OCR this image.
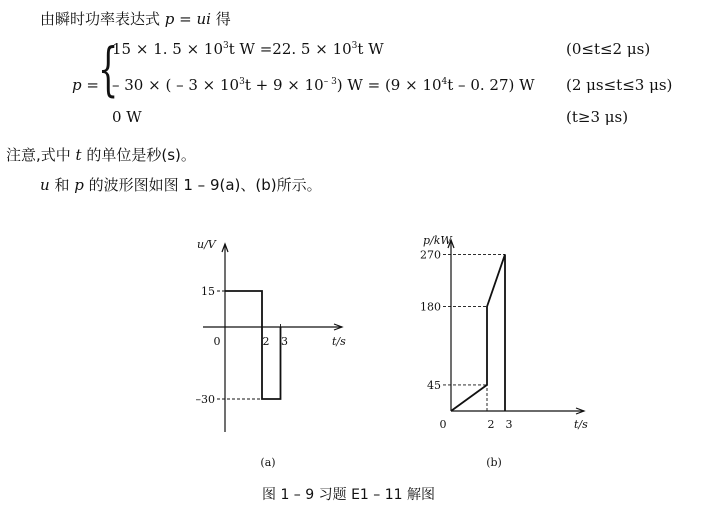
由瞬时功率表达式 p = ui 得
p = {
15 × 1. $5 \times 10^3t$ W =22. $5 \times 10^3t$ W	(0≤t≤2 μs)
– 30 × ( – $3 \times 10^3t + 9 \times 10^{- 3}$) $W = (9 \times 10^4t - 0$. 27) W (2 μs≤t≤3 μs)
0 W	(t≥3 μs)
注意,式中 t 的单位是秒(s)。
u 和 p 的波形图如图 1 – 9(a)、(b)所示。
15
–30
0	2 3
u/V
t/s
(a)
270
180
45
0	2 3
p/kW
t/s
(b)
图 1 – 9 习题 E1 – 11 解图
